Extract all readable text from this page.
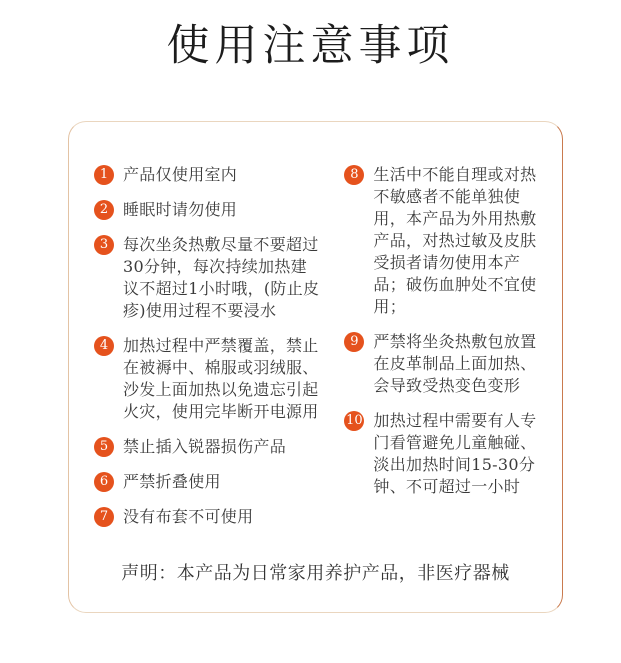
使用注意事项
1 产品仅使用室内
2 睡眠时请勿使用
3 每次坐灸热敷尽量不要超过30分钟，每次持续加热建议不超过1小时哦，(防止皮疹)使用过程不要浸水
4 加热过程中严禁覆盖，禁止在被褥中、棉服或羽绒服、沙发上面加热以免遗忘引起火灾，使用完毕断开电源用
5 禁止插入锐器损伤产品
6 严禁折叠使用
7 没有布套不可使用
8 生活中不能自理或对热不敏感者不能单独使用，本产品为外用热敷产品，对热过敏及皮肤受损者请勿使用本产品；破伤血肿处不宜使用；
9 严禁将坐灸热敷包放置在皮革制品上面加热、会导致受热变色变形
10 加热过程中需要有人专门看管避免儿童触碰、淡出加热时间15-30分钟、不可超过一小时
声明：本产品为日常家用养护产品，非医疗器械
